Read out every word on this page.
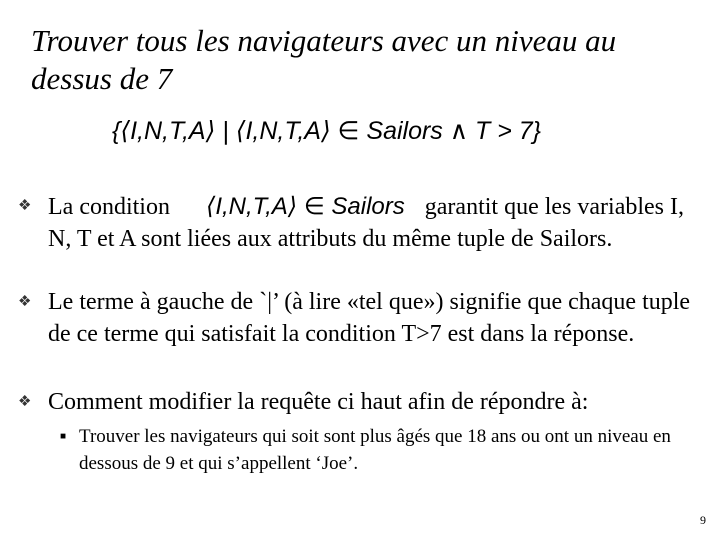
Trouver tous les navigateurs avec un niveau au dessus de 7
{⟨I,N,T,A⟩ | ⟨I,N,T,A⟩ ∈ Sailors ∧ T > 7}
❖ La condition ⟨I,N,T,A⟩ ∈ Sailors garantit que les variables I, N, T et A sont liées aux attributs du même tuple de Sailors.
❖ Le terme à gauche de `|’ (à lire «tel que») signifie que chaque tuple de ce terme qui satisfait la condition T>7 est dans la réponse.
❖ Comment modifier la requête ci haut afin de répondre à:
■ Trouver les navigateurs qui soit sont plus âgés que 18 ans ou ont un niveau en dessous de 9 et qui s’appellent ‘Joe’.
9
